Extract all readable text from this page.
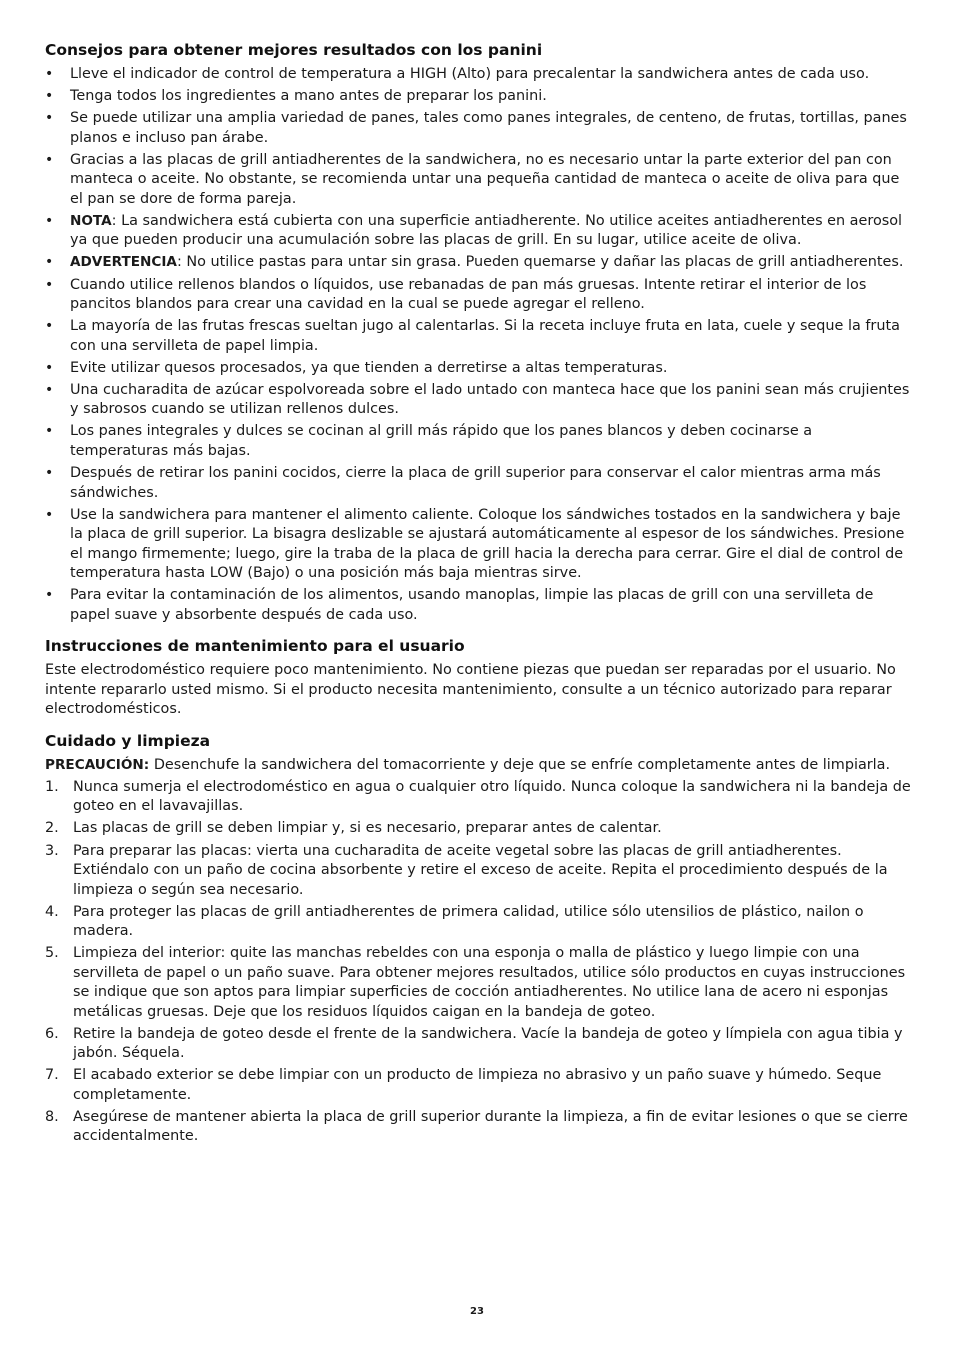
Consejos para obtener mejores resultados con los panini
• Lleve el indicador de control de temperatura a HIGH (Alto) para precalentar la sandwichera antes de cada uso.
• Tenga todos los ingredientes a mano antes de preparar los panini.
• Se puede utilizar una amplia variedad de panes, tales como panes integrales, de centeno, de frutas, tortillas, panes planos e incluso pan árabe.
• Gracias a las placas de grill antiadherentes de la sandwichera, no es necesario untar la parte exterior del pan con manteca o aceite. No obstante, se recomienda untar una pequeña cantidad de manteca o aceite de oliva para que el pan se dore de forma pareja.
• NOTA: La sandwichera está cubierta con una superficie antiadherente. No utilice aceites antiadherentes en aerosol ya que pueden producir una acumulación sobre las placas de grill. En su lugar, utilice aceite de oliva.
• ADVERTENCIA: No utilice pastas para untar sin grasa. Pueden quemarse y dañar las placas de grill antiadherentes.
• Cuando utilice rellenos blandos o líquidos, use rebanadas de pan más gruesas. Intente retirar el interior de los pancitos blandos para crear una cavidad en la cual se puede agregar el relleno.
• La mayoría de las frutas frescas sueltan jugo al calentarlas. Si la receta incluye fruta en lata, cuele y seque la fruta con una servilleta de papel limpia.
• Evite utilizar quesos procesados, ya que tienden a derretirse a altas temperaturas.
• Una cucharadita de azúcar espolvoreada sobre el lado untado con manteca hace que los panini sean más crujientes y sabrosos cuando se utilizan rellenos dulces.
• Los panes integrales y dulces se cocinan al grill más rápido que los panes blancos y deben cocinarse a temperaturas más bajas.
• Después de retirar los panini cocidos, cierre la placa de grill superior para conservar el calor mientras arma más sándwiches.
• Use la sandwichera para mantener el alimento caliente. Coloque los sándwiches tostados en la sandwichera y baje la placa de grill superior. La bisagra deslizable se ajustará automáticamente al espesor de los sándwiches. Presione el mango firmemente; luego, gire la traba de la placa de grill hacia la derecha para cerrar. Gire el dial de control de temperatura hasta LOW (Bajo) o una posición más baja mientras sirve.
• Para evitar la contaminación de los alimentos, usando manoplas, limpie las placas de grill con una servilleta de papel suave y absorbente después de cada uso.
Instrucciones de mantenimiento para el usuario

Este electrodoméstico requiere poco mantenimiento. No contiene piezas que puedan ser reparadas por el usuario. No intente repararlo usted mismo. Si el producto necesita mantenimiento, consulte a un técnico autorizado para reparar electrodomésticos.

Cuidado y limpieza

PRECAUCIÓN: Desenchufe la sandwichera del tomacorriente y deje que se enfríe completamente antes de limpiarla.

1. Nunca sumerja el electrodoméstico en agua o cualquier otro líquido. Nunca coloque la sandwichera ni la bandeja de goteo en el lavavajillas.
2. Las placas de grill se deben limpiar y, si es necesario, preparar antes de calentar.
3. Para preparar las placas: vierta una cucharadita de aceite vegetal sobre las placas de grill antiadherentes. Extiéndalo con un paño de cocina absorbente y retire el exceso de aceite. Repita el procedimiento después de la limpieza o según sea necesario.
4. Para proteger las placas de grill antiadherentes de primera calidad, utilice sólo utensilios de plástico, nailon o madera.
5. Limpieza del interior: quite las manchas rebeldes con una esponja o malla de plástico y luego limpie con una servilleta de papel o un paño suave. Para obtener mejores resultados, utilice sólo productos en cuyas instrucciones se indique que son aptos para limpiar superficies de cocción antiadherentes. No utilice lana de acero ni esponjas metálicas gruesas. Deje que los residuos líquidos caigan en la bandeja de goteo.
6. Retire la bandeja de goteo desde el frente de la sandwichera. Vacíe la bandeja de goteo y límpiela con agua tibia y jabón. Séquela.
7. El acabado exterior se debe limpiar con un producto de limpieza no abrasivo y un paño suave y húmedo. Seque completamente.
8. Asegúrese de mantener abierta la placa de grill superior durante la limpieza, a fin de evitar lesiones o que se cierre accidentalmente.
23
